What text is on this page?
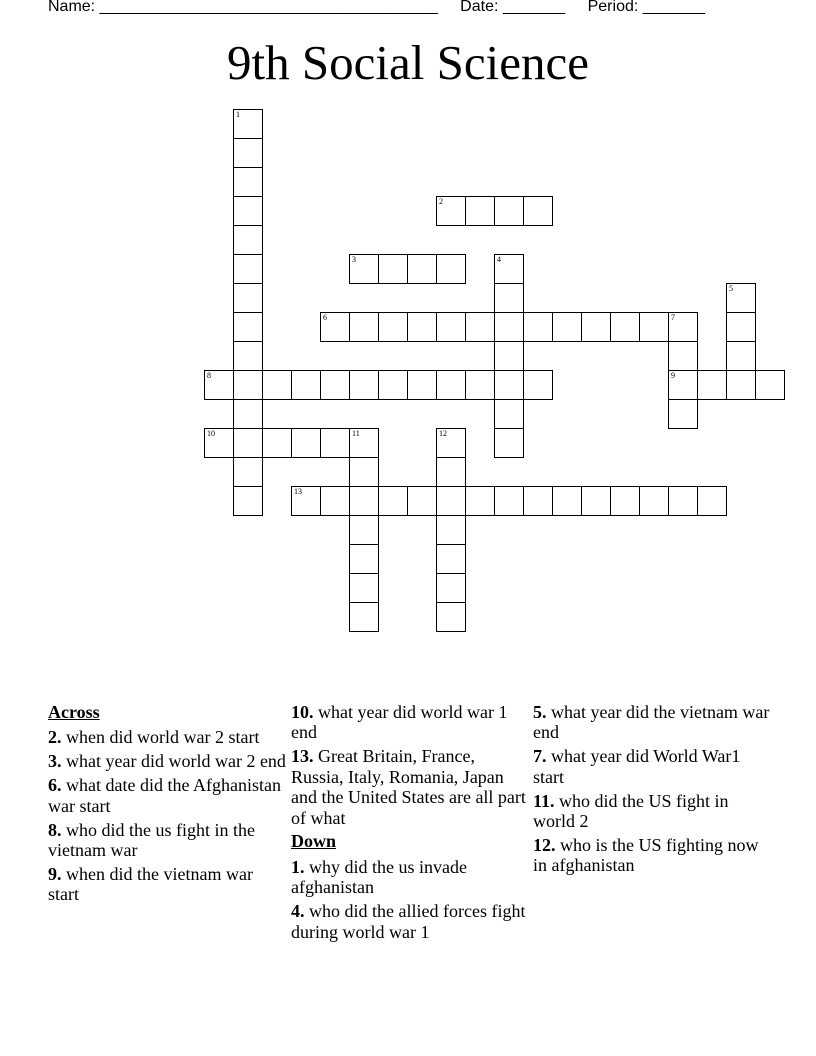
Name: ______________________________________ Date: _______ Period: _______
9th Social Science
1
2
3	4
5
6	7
8	9
10	11	12
13
Across
2. when did world war 2 start
3. what year did world war 2 end
6. what date did the Afghanistan war start
8. who did the us fight in the vietnam war
9. when did the vietnam war start
10. what year did world war 1 end
13. Great Britain, France, Russia, Italy, Romania, Japan and the United States are all part of what
Down
1. why did the us invade afghanistan
4. who did the allied forces fight during world war 1
5. what year did the vietnam war end
7. what year did World War1 start
11. who did the US fight in world 2
12. who is the US fighting now in afghanistan
